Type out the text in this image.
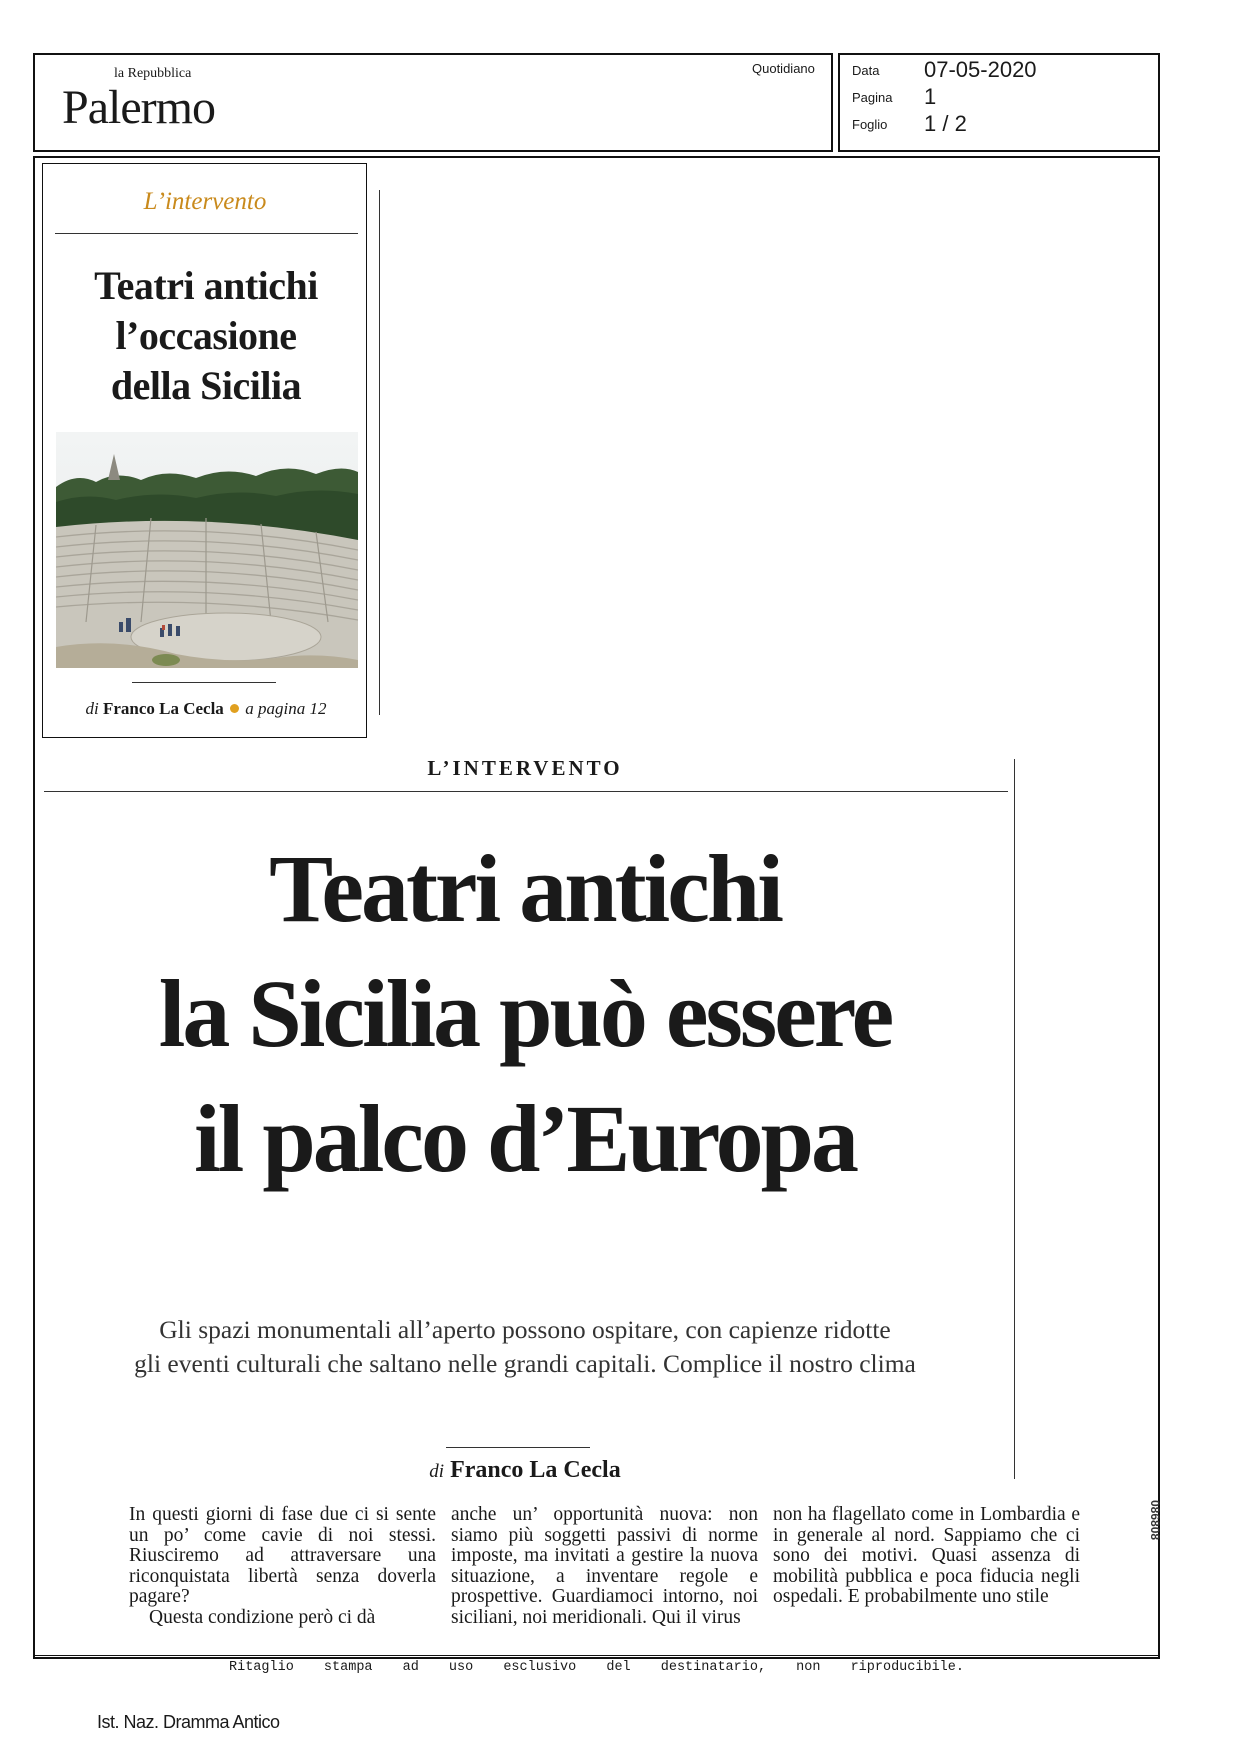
la Repubblica
Palermo
Quotidiano	Data 07-05-2020
Pagina 1
Foglio 1 / 2
L’intervento
Teatri antichi
l’occasione
della Sicilia
di Franco La Cecla a pagina 12
L’INTERVENTO
Teatri antichi
la Sicilia può essere
il palco d’Europa
Gli spazi monumentali all’aperto possono ospitare, con capienze ridotte
gli eventi culturali che saltano nelle grandi capitali. Complice il nostro clima
di Franco La Cecla

In questi giorni di fase due ci si sente un po’ come cavie di noi stessi. Riusciremo ad attraversare una riconquistata libertà senza doverla pagare?

Questa condizione però ci dà

anche un’ opportunità nuova: non siamo più soggetti passivi di norme imposte, ma invitati a gestire la nuova situazione, a inventare regole e prospettive. Guardiamoci intorno, noi siciliani, noi meridionali. Qui il virus

non ha flagellato come in Lombardia e in generale al nord. Sappiamo che ci sono dei motivi. Quasi assenza di mobilità pubblica e poca fiducia negli ospedali. E probabilmente uno stile

086808
Ritaglio stampa ad uso esclusivo del destinatario, non riproducibile.
Ist. Naz. Dramma Antico
